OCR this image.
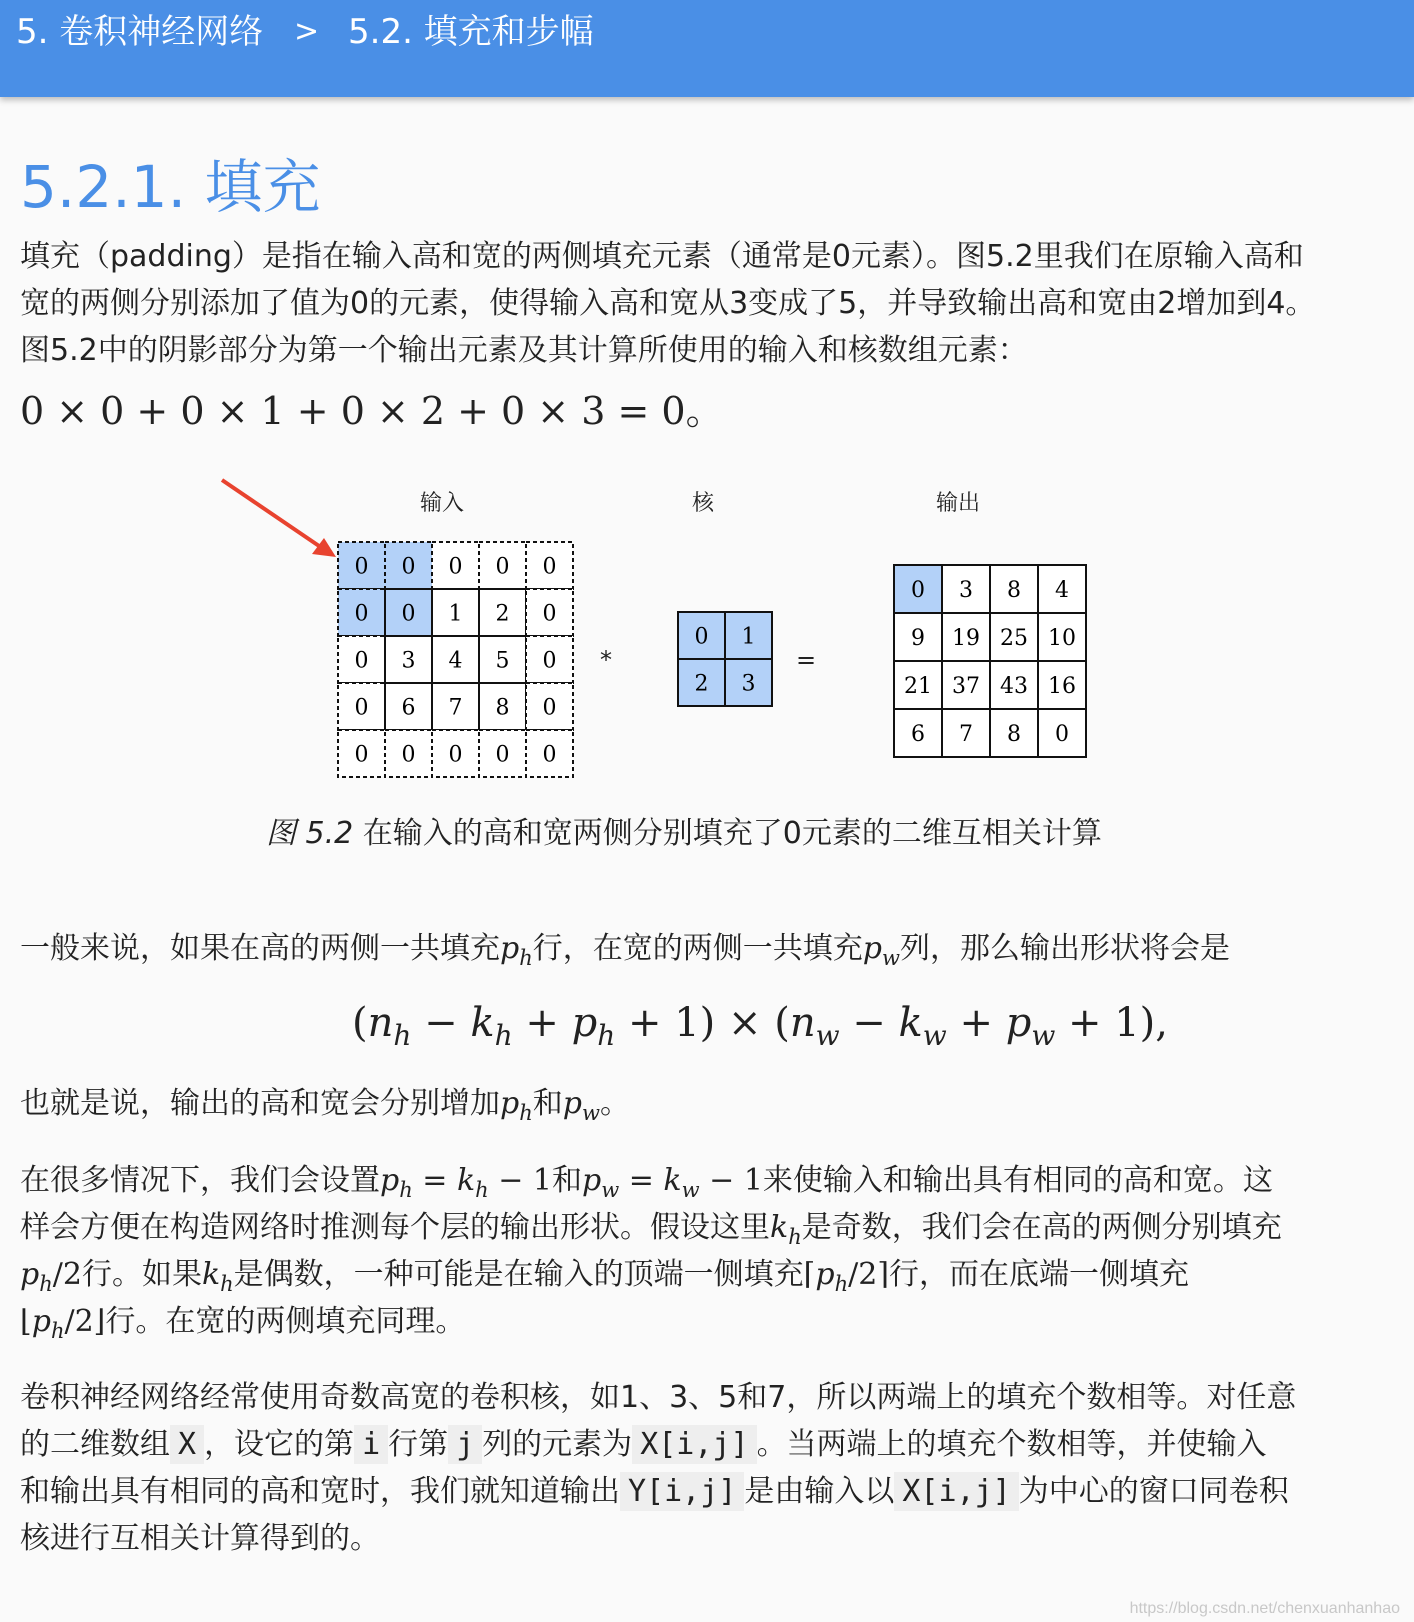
5. 卷积神经网络 > 5.2. 填充和步幅
5.2.1. 填充

填充（padding）是指在输入高和宽的两侧填充元素（通常是0元素）。图5.2里我们在原输入高和

宽的两侧分别添加了值为0的元素，使得输入高和宽从3变成了5，并导致输出高和宽由2增加到4。

图5.2中的阴影部分为第一个输出元素及其计算所使用的输入和核数组元素：

0 × 0 + 0 × 1 + 0 × 2 + 0 × 3 = 0。
输入	核	输出
0 0 0 0 0
0 0 1 2 0
0 3 4 5 0
0 6 7 8 0
0 0 0 0 0
0 1
2 3
0 3 8 4
9 19 25 10
21 37 43 16
6 7 8 0
*	=
图 5.2 在输入的高和宽两侧分别填充了0元素的二维互相关计算

一般来说，如果在高的两侧一共填充$p_h$行，在宽的两侧一共填充$p_w$列，那么输出形状将会是

$(n_h - k_h + p_h + 1) \times (n_w - k_w + p_w + 1)$,

也就是说，输出的高和宽会分别增加$p_h$和$p_w$。

在很多情况下，我们会设置$p_h = k_h - 1$和$p_w = k_w - 1$来使输入和输出具有相同的高和宽。这

样会方便在构造网络时推测每个层的输出形状。假设这里$k_h$是奇数，我们会在高的两侧分别填充

$p_h/2$行。如果$k_h$是偶数，一种可能是在输入的顶端一侧填充$⌈p_h/2⌉$行，而在底端一侧填充

$⌊p_h/2⌋$行。在宽的两侧填充同理。

卷积神经网络经常使用奇数高宽的卷积核，如1、3、5和7，所以两端上的填充个数相等。对任意

的二维数组 X ，设它的第 i 行第 j 列的元素为 X[i,j] 。当两端上的填充个数相等，并使输入

和输出具有相同的高和宽时，我们就知道输出 Y[i,j] 是由输入以 X[i,j] 为中心的窗口同卷积

核进行互相关计算得到的。

https://blog.csdn.net/chenxuanhanhao
